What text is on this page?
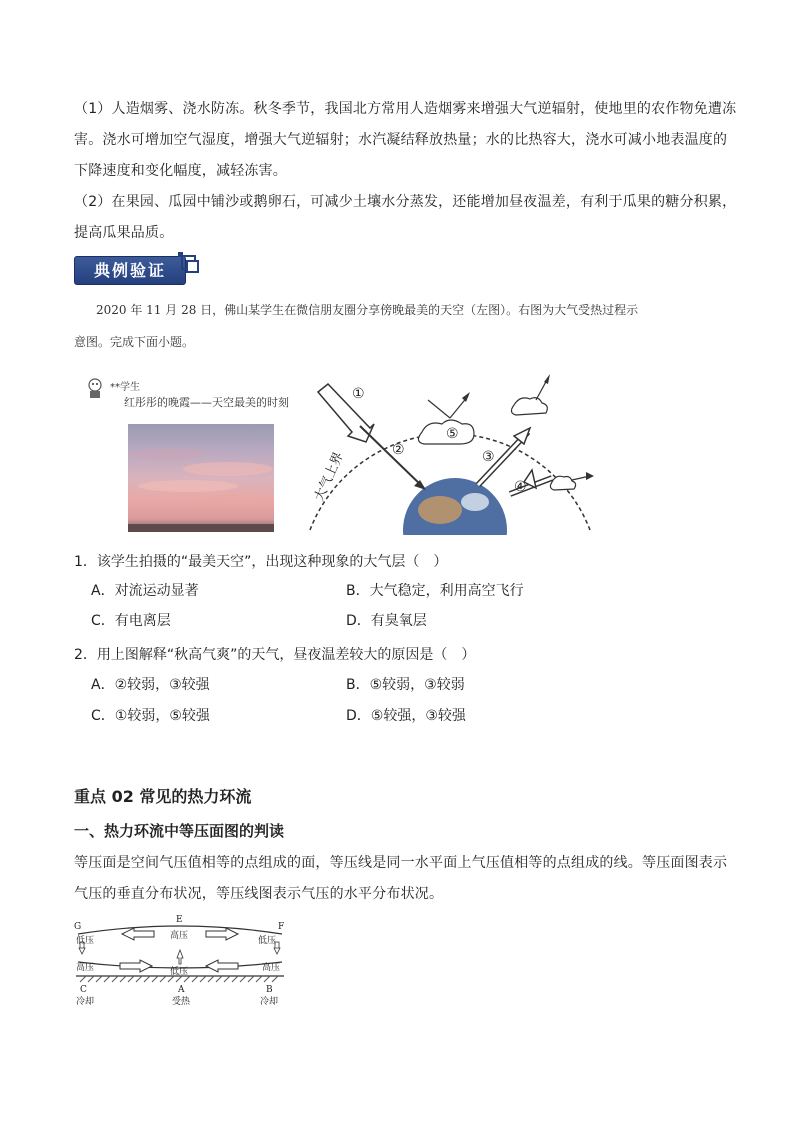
（1）人造烟雾、浇水防冻。秋冬季节，我国北方常用人造烟雾来增强大气逆辐射，使地里的农作物免遭冻
害。浇水可增加空气湿度，增强大气逆辐射；水汽凝结释放热量；水的比热容大，浇水可减小地表温度的
下降速度和变化幅度，减轻冻害。
（2）在果园、瓜园中铺沙或鹅卵石，可减少土壤水分蒸发，还能增加昼夜温差，有利于瓜果的糖分积累，
提高瓜果品质。
典例验证
2020 年 11 月 28 日，佛山某学生在微信朋友圈分享傍晚最美的天空（左图）。右图为大气受热过程示
意图。完成下面小题。
**学生
红彤彤的晚霞——天空最美的时刻
①
②	③
④
⑤
大气上界
1．该学生拍摄的“最美天空”，出现这种现象的大气层（　）
A．对流运动显著	B．大气稳定，利用高空飞行
C．有电离层	D．有臭氧层
2．用上图解释“秋高气爽”的天气，昼夜温差较大的原因是（　）
A．②较弱，③较强	B．⑤较弱，③较弱
C．①较弱，⑤较强	D．⑤较强，③较强
重点 02 常见的热力环流
一、热力环流中等压面图的判读
等压面是空间气压值相等的点组成的面，等压线是同一水平面上气压值相等的点组成的线。等压面图表示
气压的垂直分布状况，等压线图表示气压的水平分布状况。
G
E
F
低压	高压	低压
高压	低压	高压
C	A	B
冷却	受热	冷却
